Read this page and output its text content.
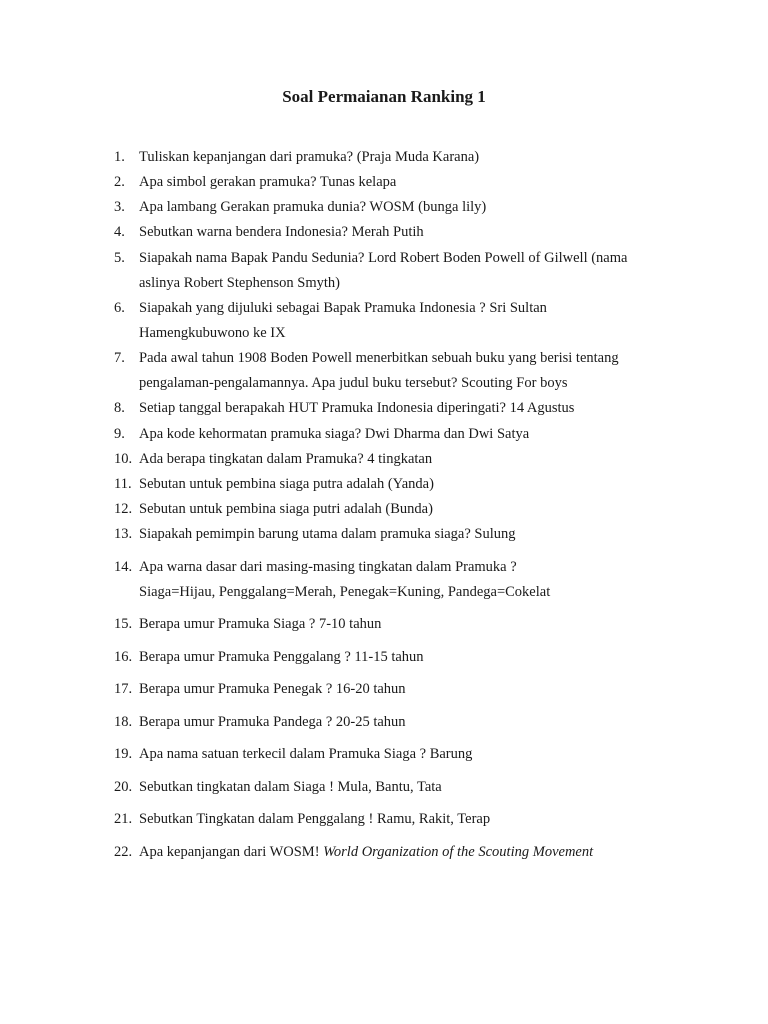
Soal Permaianan Ranking 1
1. Tuliskan kepanjangan dari pramuka? (Praja Muda Karana)
2. Apa simbol gerakan pramuka? Tunas kelapa
3. Apa lambang Gerakan pramuka dunia? WOSM (bunga lily)
4. Sebutkan warna bendera Indonesia? Merah Putih
5. Siapakah nama Bapak Pandu Sedunia? Lord Robert Boden Powell of Gilwell (nama
aslinya Robert Stephenson Smyth)
6. Siapakah yang dijuluki sebagai Bapak Pramuka Indonesia ? Sri Sultan
Hamengkubuwono ke IX
7. Pada awal tahun 1908 Boden Powell menerbitkan sebuah buku yang berisi tentang
pengalaman-pengalamannya. Apa judul buku tersebut? Scouting For boys
8. Setiap tanggal berapakah HUT Pramuka Indonesia diperingati? 14 Agustus
9. Apa kode kehormatan pramuka siaga? Dwi Dharma dan Dwi Satya
10. Ada berapa tingkatan dalam Pramuka? 4 tingkatan
11. Sebutan untuk pembina siaga putra adalah (Yanda)
12. Sebutan untuk pembina siaga putri adalah (Bunda)
13. Siapakah pemimpin barung utama dalam pramuka siaga? Sulung
14. Apa warna dasar dari masing-masing tingkatan dalam Pramuka ?
Siaga=Hijau, Penggalang=Merah, Penegak=Kuning, Pandega=Cokelat
15. Berapa umur Pramuka Siaga ? 7-10 tahun
16. Berapa umur Pramuka Penggalang ? 11-15 tahun
17. Berapa umur Pramuka Penegak ? 16-20 tahun
18. Berapa umur Pramuka Pandega ? 20-25 tahun
19. Apa nama satuan terkecil dalam Pramuka Siaga ? Barung
20. Sebutkan tingkatan dalam Siaga ! Mula, Bantu, Tata
21. Sebutkan Tingkatan dalam Penggalang ! Ramu, Rakit, Terap
22. Apa kepanjangan dari WOSM! World Organization of the Scouting Movement
